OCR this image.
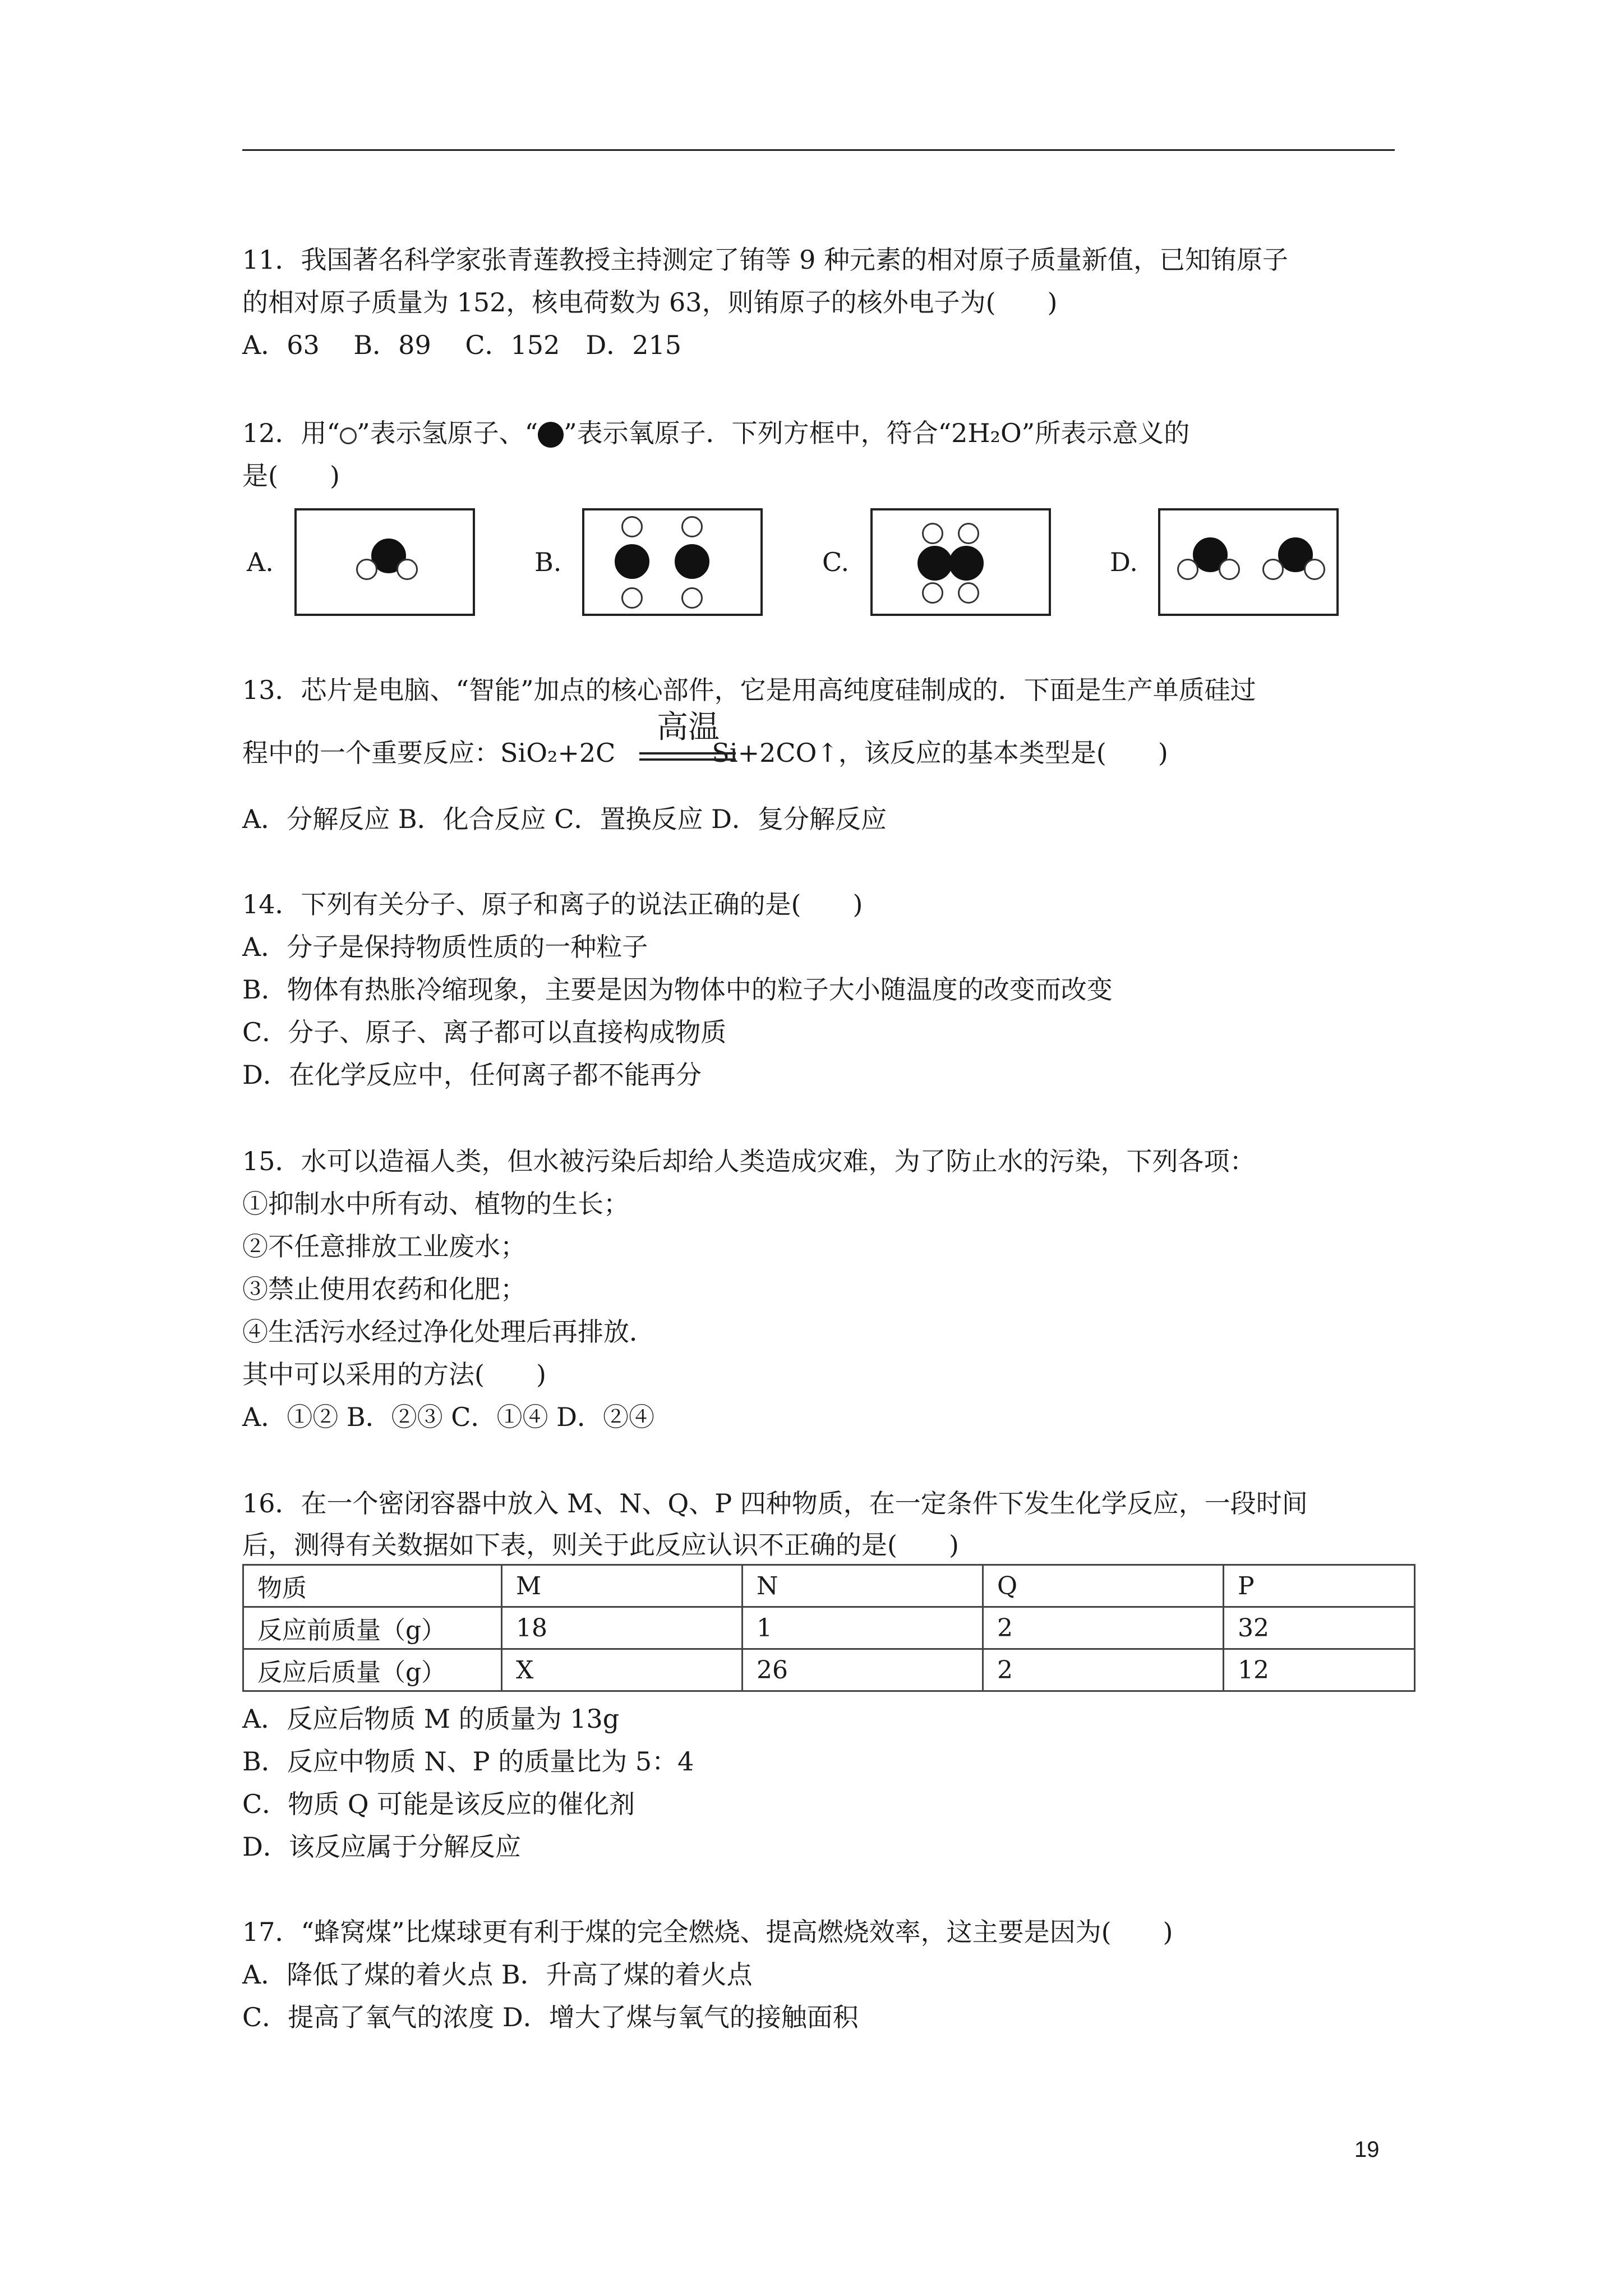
11．我国著名科学家张青莲教授主持测定了铕等 9 种元素的相对原子质量新值，已知铕原子
的相对原子质量为 152，核电荷数为 63，则铕原子的核外电子为(　　)
A．63　 B．89　 C．152　D．215
12．用“ ”表示氢原子、“ ”表示氧原子．下列方框中，符合“2H₂O”所表示意义的
是(　　)
A.	B.	C.	D.
13．芯片是电脑、“智能”加点的核心部件，它是用高纯度硅制成的．下面是生产单质硅过
程中的一个重要反应：SiO₂+2C	Si+2CO↑，该反应的基本类型是(　　)
高温
A．分解反应 B．化合反应 C．置换反应 D．复分解反应
14．下列有关分子、原子和离子的说法正确的是(　　)
A．分子是保持物质性质的一种粒子
B．物体有热胀冷缩现象，主要是因为物体中的粒子大小随温度的改变而改变
C．分子、原子、离子都可以直接构成物质
D．在化学反应中，任何离子都不能再分
15．水可以造福人类，但水被污染后却给人类造成灾难，为了防止水的污染，下列各项：
①抑制水中所有动、植物的生长；
②不任意排放工业废水；
③禁止使用农药和化肥；
④生活污水经过净化处理后再排放．
其中可以采用的方法(　　)
A．①② B．②③ C．①④ D．②④
16．在一个密闭容器中放入 M、N、Q、P 四种物质，在一定条件下发生化学反应，一段时间
后，测得有关数据如下表，则关于此反应认识不正确的是(　　)
物质	M	N	Q	P
反应前质量（g）	18	1	2	32
反应后质量（g）	X	26	2	12
A．反应后物质 M 的质量为 13g
B．反应中物质 N、P 的质量比为 5：4
C．物质 Q 可能是该反应的催化剂
D．该反应属于分解反应
17．“蜂窝煤”比煤球更有利于煤的完全燃烧、提高燃烧效率，这主要是因为(　　)
A．降低了煤的着火点 B．升高了煤的着火点
C．提高了氧气的浓度 D．增大了煤与氧气的接触面积
19
